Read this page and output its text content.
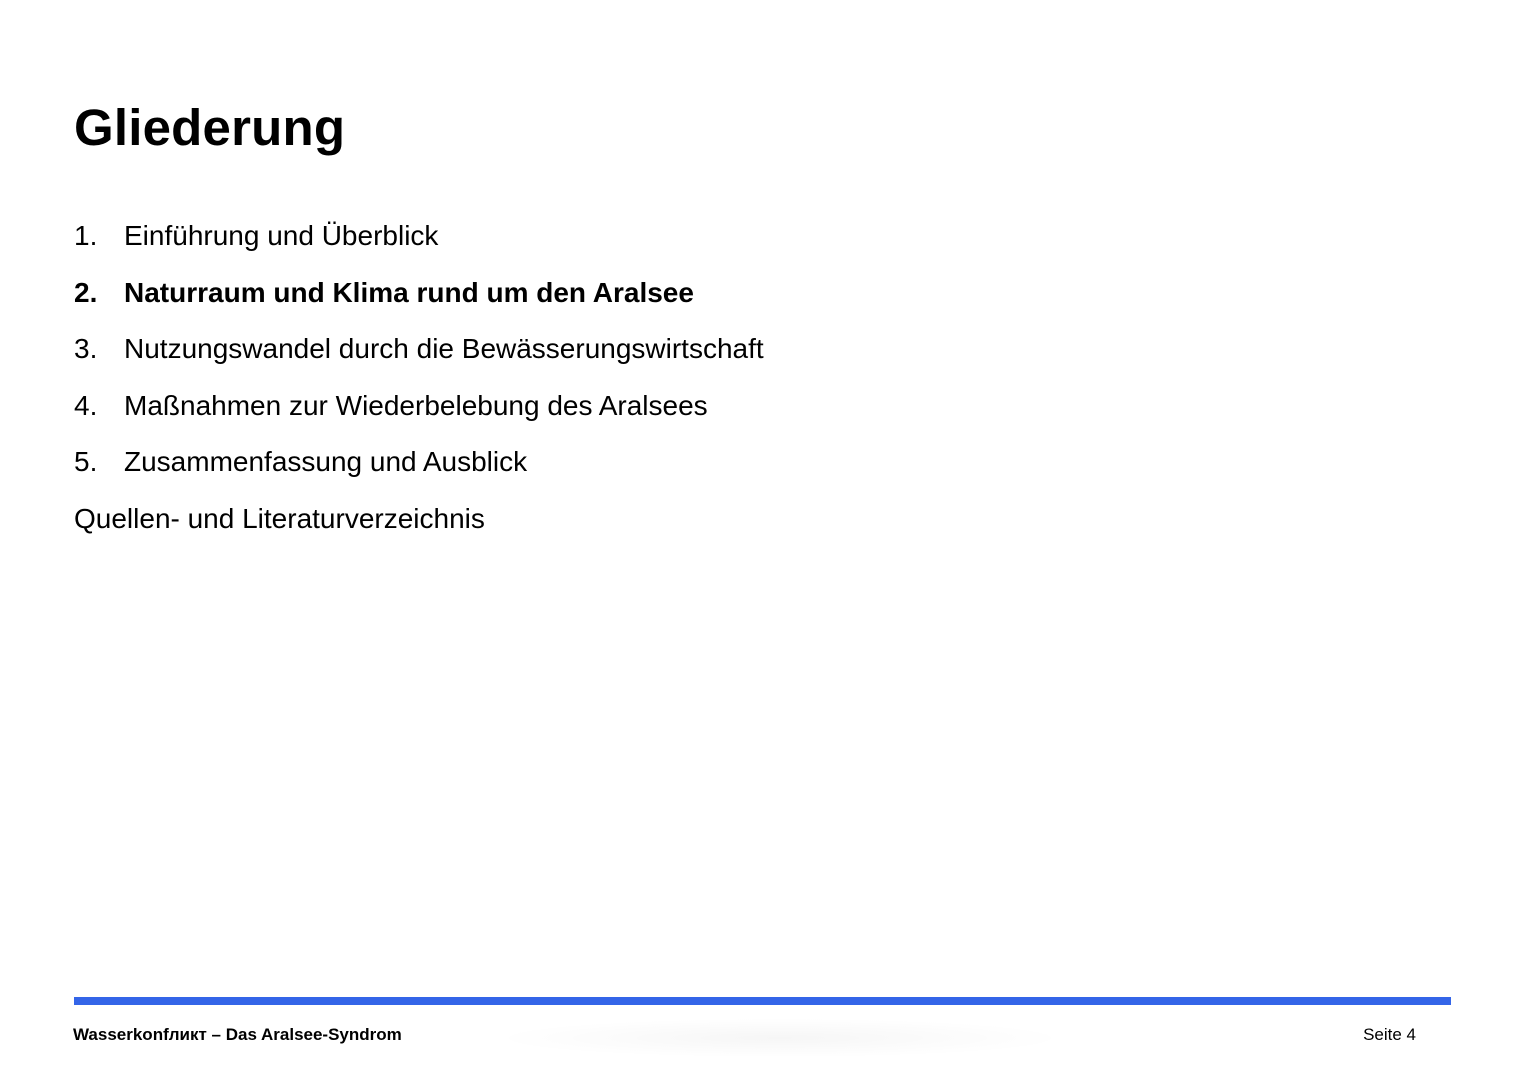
Gliederung
1. Einführung und Überblick
2. Naturraum und Klima rund um den Aralsee
3. Nutzungswandel durch die Bewässerungswirtschaft
4. Maßnahmen zur Wiederbelebung des Aralsees
5. Zusammenfassung und Ausblick
Quellen- und Literaturverzeichnis
Wasserkonfликт – Das Aralsee-Syndrom	Seite 4
